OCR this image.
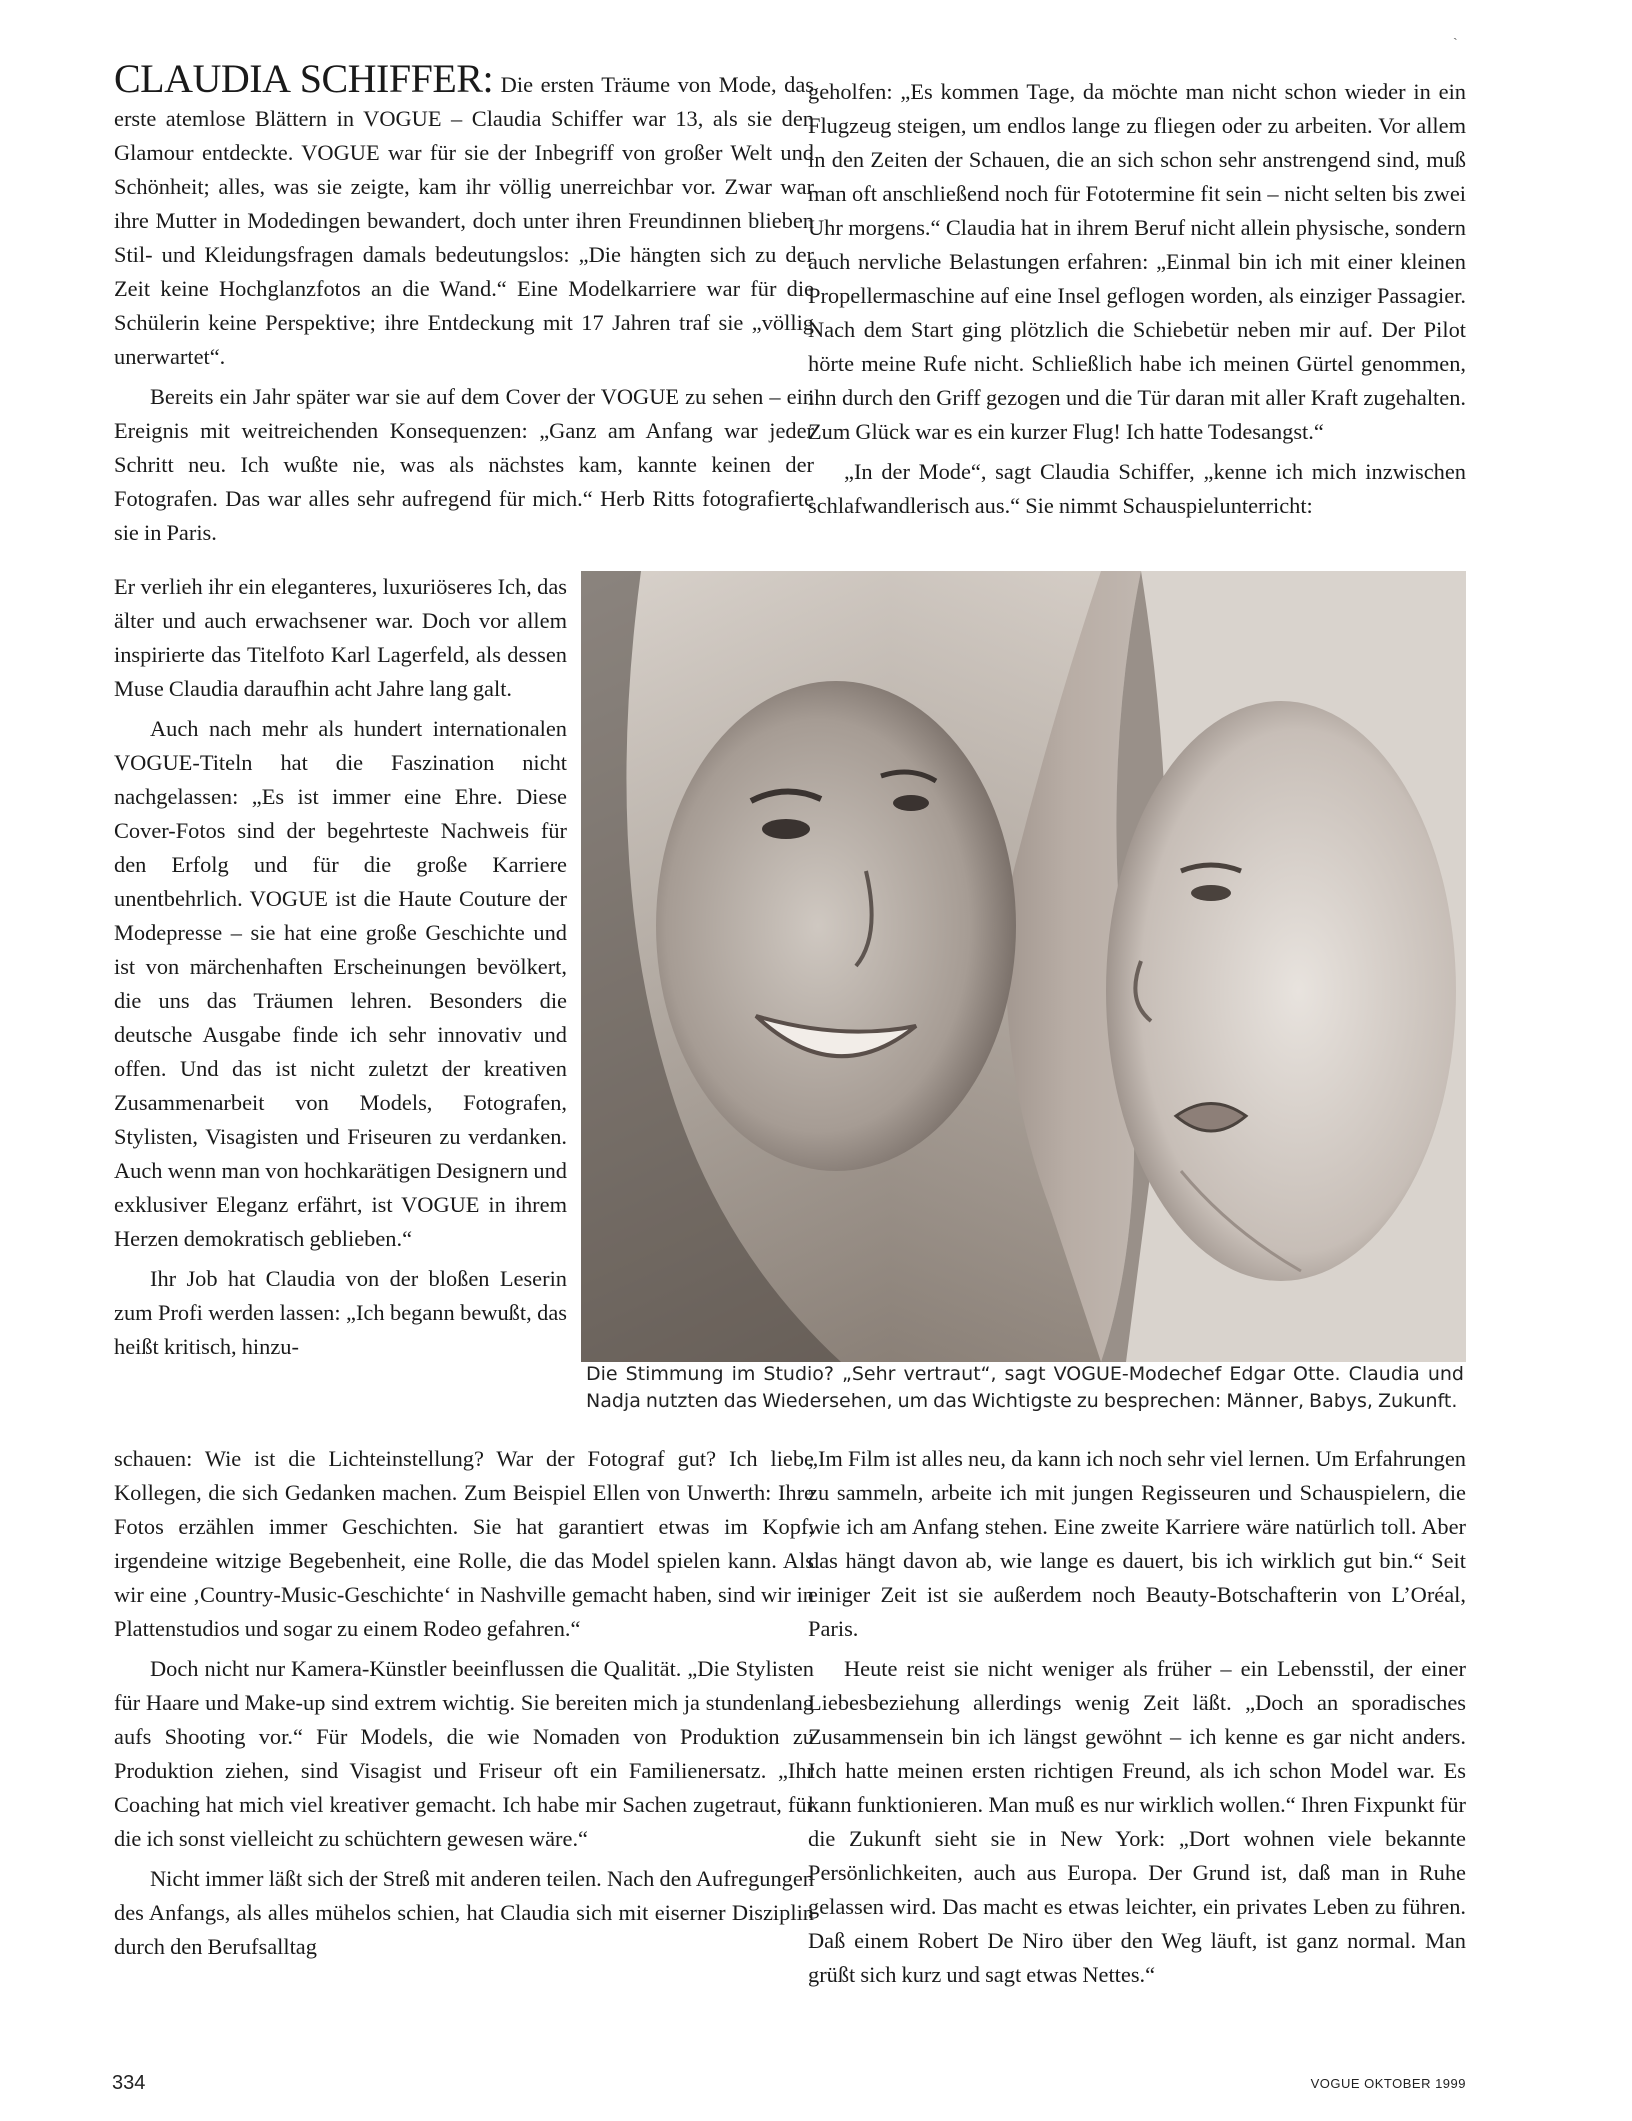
ˎ

CLAUDIA SCHIFFER: Die ersten Träume von Mode, das erste atemlose Blättern in VOGUE – Claudia Schiffer war 13, als sie den Glamour entdeckte. VOGUE war für sie der Inbegriff von großer Welt und Schönheit; alles, was sie zeigte, kam ihr völlig unerreichbar vor. Zwar war ihre Mutter in Modedingen bewandert, doch unter ihren Freundinnen blieben Stil- und Kleidungsfragen damals bedeutungslos: „Die hängten sich zu der Zeit keine Hochglanzfotos an die Wand.“ Eine Modelkarriere war für die Schülerin keine Perspektive; ihre Entdeckung mit 17 Jahren traf sie „völlig unerwartet“.

Bereits ein Jahr später war sie auf dem Cover der VOGUE zu sehen – ein Ereignis mit weitreichenden Konsequenzen: „Ganz am Anfang war jeder Schritt neu. Ich wußte nie, was als nächstes kam, kannte keinen der Fotografen. Das war alles sehr aufregend für mich.“ Herb Ritts fotografierte sie in Paris.

geholfen: „Es kommen Tage, da möchte man nicht schon wieder in ein Flugzeug steigen, um endlos lange zu fliegen oder zu arbeiten. Vor allem in den Zeiten der Schauen, die an sich schon sehr anstrengend sind, muß man oft anschließend noch für Fototermine fit sein – nicht selten bis zwei Uhr morgens.“ Claudia hat in ihrem Beruf nicht allein physische, sondern auch nervliche Belastungen erfahren: „Einmal bin ich mit einer kleinen Propellermaschine auf eine Insel geflogen worden, als einziger Passagier. Nach dem Start ging plötzlich die Schiebetür neben mir auf. Der Pilot hörte meine Rufe nicht. Schließlich habe ich meinen Gürtel genommen, ihn durch den Griff gezogen und die Tür daran mit aller Kraft zugehalten. Zum Glück war es ein kurzer Flug! Ich hatte Todesangst.“

„In der Mode“, sagt Claudia Schiffer, „kenne ich mich inzwischen schlafwandlerisch aus.“ Sie nimmt Schauspielunterricht:

Er verlieh ihr ein eleganteres, luxuriöseres Ich, das älter und auch erwachsener war. Doch vor allem inspirierte das Titelfoto Karl Lagerfeld, als dessen Muse Claudia daraufhin acht Jahre lang galt.

Auch nach mehr als hundert internationalen VOGUE-Titeln hat die Faszination nicht nachgelassen: „Es ist immer eine Ehre. Diese Cover-Fotos sind der begehrteste Nachweis für den Erfolg und für die große Karriere unentbehrlich. VOGUE ist die Haute Couture der Modepresse – sie hat eine große Geschichte und ist von märchenhaften Erscheinungen bevölkert, die uns das Träumen lehren. Besonders die deutsche Ausgabe finde ich sehr innovativ und offen. Und das ist nicht zuletzt der kreativen Zusammenarbeit von Models, Fotografen, Stylisten, Visagisten und Friseuren zu verdanken. Auch wenn man von hochkarätigen Designern und exklusiver Eleganz erfährt, ist VOGUE in ihrem Herzen demokratisch geblieben.“

Ihr Job hat Claudia von der bloßen Leserin zum Profi werden lassen: „Ich begann bewußt, das heißt kritisch, hinzu-

Die Stimmung im Studio? „Sehr vertraut“, sagt VOGUE-Modechef Edgar Otte. Claudia und Nadja nutzten das Wiedersehen, um das Wichtigste zu besprechen: Männer, Babys, Zukunft.

schauen: Wie ist die Lichteinstellung? War der Fotograf gut? Ich liebe Kollegen, die sich Gedanken machen. Zum Beispiel Ellen von Unwerth: Ihre Fotos erzählen immer Geschichten. Sie hat garantiert etwas im Kopf, irgendeine witzige Begebenheit, eine Rolle, die das Model spielen kann. Als wir eine ‚Country-Music-Geschichte‘ in Nashville gemacht haben, sind wir in Plattenstudios und sogar zu einem Rodeo gefahren.“

Doch nicht nur Kamera-Künstler beeinflussen die Qualität. „Die Stylisten für Haare und Make-up sind extrem wichtig. Sie bereiten mich ja stundenlang aufs Shooting vor.“ Für Models, die wie Nomaden von Produktion zu Produktion ziehen, sind Visagist und Friseur oft ein Familienersatz. „Ihr Coaching hat mich viel kreativer gemacht. Ich habe mir Sachen zugetraut, für die ich sonst vielleicht zu schüchtern gewesen wäre.“

Nicht immer läßt sich der Streß mit anderen teilen. Nach den Aufregungen des Anfangs, als alles mühelos schien, hat Claudia sich mit eiserner Disziplin durch den Berufsalltag

„Im Film ist alles neu, da kann ich noch sehr viel lernen. Um Erfahrungen zu sammeln, arbeite ich mit jungen Regisseuren und Schauspielern, die wie ich am Anfang stehen. Eine zweite Karriere wäre natürlich toll. Aber das hängt davon ab, wie lange es dauert, bis ich wirklich gut bin.“ Seit einiger Zeit ist sie außerdem noch Beauty-Botschafterin von L’Oréal, Paris.

Heute reist sie nicht weniger als früher – ein Lebensstil, der einer Liebesbeziehung allerdings wenig Zeit läßt. „Doch an sporadisches Zusammensein bin ich längst gewöhnt – ich kenne es gar nicht anders. Ich hatte meinen ersten richtigen Freund, als ich schon Model war. Es kann funktionieren. Man muß es nur wirklich wollen.“ Ihren Fixpunkt für die Zukunft sieht sie in New York: „Dort wohnen viele bekannte Persönlichkeiten, auch aus Europa. Der Grund ist, daß man in Ruhe gelassen wird. Das macht es etwas leichter, ein privates Leben zu führen. Daß einem Robert De Niro über den Weg läuft, ist ganz normal. Man grüßt sich kurz und sagt etwas Nettes.“

334	VOGUE OKTOBER 1999
